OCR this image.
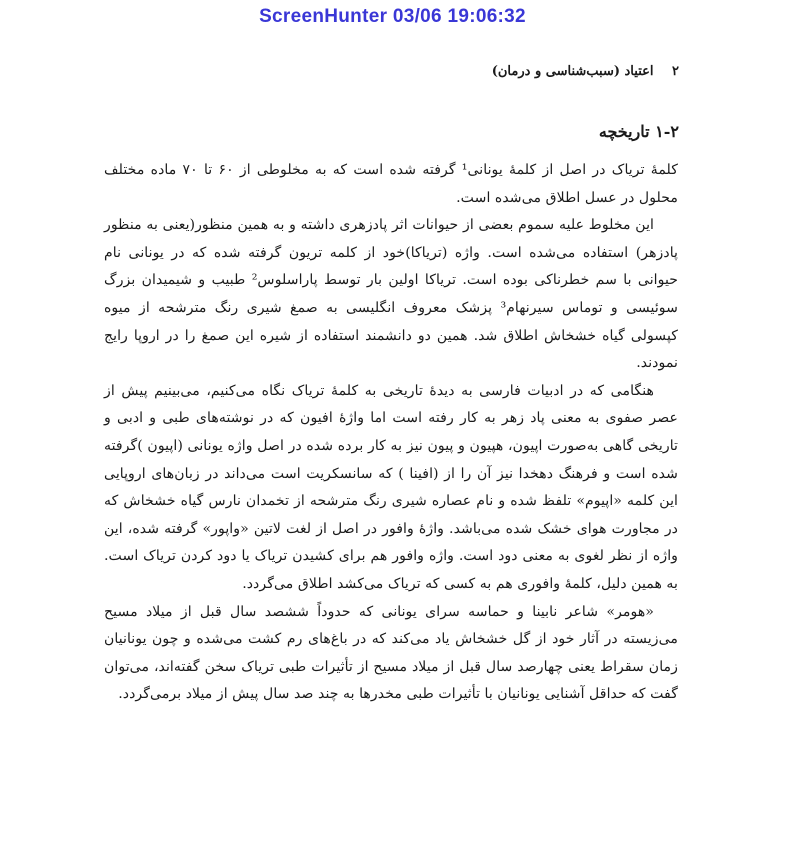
ScreenHunter 03/06 19:06:32
۲ اعتیاد (سبب‌شناسی و درمان)
۱-۲ تاریخچه

کلمهٔ تریاک در اصل از کلمهٔ یونانی¹ گرفته شده است که به مخلوطی از ۶۰ تا ۷۰ ماده مختلف محلول در عسل اطلاق می‌شده است.

این مخلوط علیه سموم بعضی از حیوانات اثر پادزهری داشته و به همین منظور(یعنی به منظور پادزهر) استفاده می‌شده است. واژه (تریاکا)خود از کلمه تریون گرفته شده که در یونانی نام حیوانی با سم خطرناکی بوده است. تریاکا اولین بار توسط پاراسلوس² طبیب و شیمیدان بزرگ سوئیسی و توماس سیرنهام³ پزشک معروف انگلیسی به صمغ شیری رنگ مترشحه از میوه کپسولی گیاه خشخاش اطلاق شد. همین دو دانشمند استفاده از شیره این صمغ را در اروپا رایج نمودند.

هنگامی که در ادبیات فارسی به دیدهٔ تاریخی به کلمهٔ تریاک نگاه می‌کنیم، می‌بینیم پیش از عصر صفوی به معنی پاد زهر به کار رفته است اما واژهٔ افیون که در نوشته‌های طبی و ادبی و تاریخی گاهی به‌صورت اپیون، هپیون و پیون نیز به کار برده شده در اصل واژه یونانی (اپیون )گرفته شده است و فرهنگ دهخدا نیز آن را از (افینا ) که سانسکریت است می‌داند در زبان‌های اروپایی این کلمه «اپیوم» تلفظ شده و نام عصاره شیری رنگ مترشحه از تخمدان نارس گیاه خشخاش که در مجاورت هوای خشک شده می‌باشد. واژهٔ وافور در اصل از لغت لاتین «واپور» گرفته شده، این واژه از نظر لغوی به معنی دود است. واژه وافور هم برای کشیدن تریاک یا دود کردن تریاک است. به همین دلیل، کلمهٔ وافوری هم به کسی که تریاک می‌کشد اطلاق می‌گردد.

«هومر» شاعر نابینا و حماسه سرای یونانی که حدوداً ششصد سال قبل از میلاد مسیح می‌زیسته در آثار خود از گل خشخاش یاد می‌کند که در باغ‌های رم کشت می‌شده و چون یونانیان زمان سقراط یعنی چهارصد سال قبل از میلاد مسیح از تأثیرات طبی تریاک سخن گفته‌اند، می‌توان گفت که حداقل آشنایی یونانیان با تأثیرات طبی مخدرها به چند صد سال پیش از میلاد برمی‌گردد.
